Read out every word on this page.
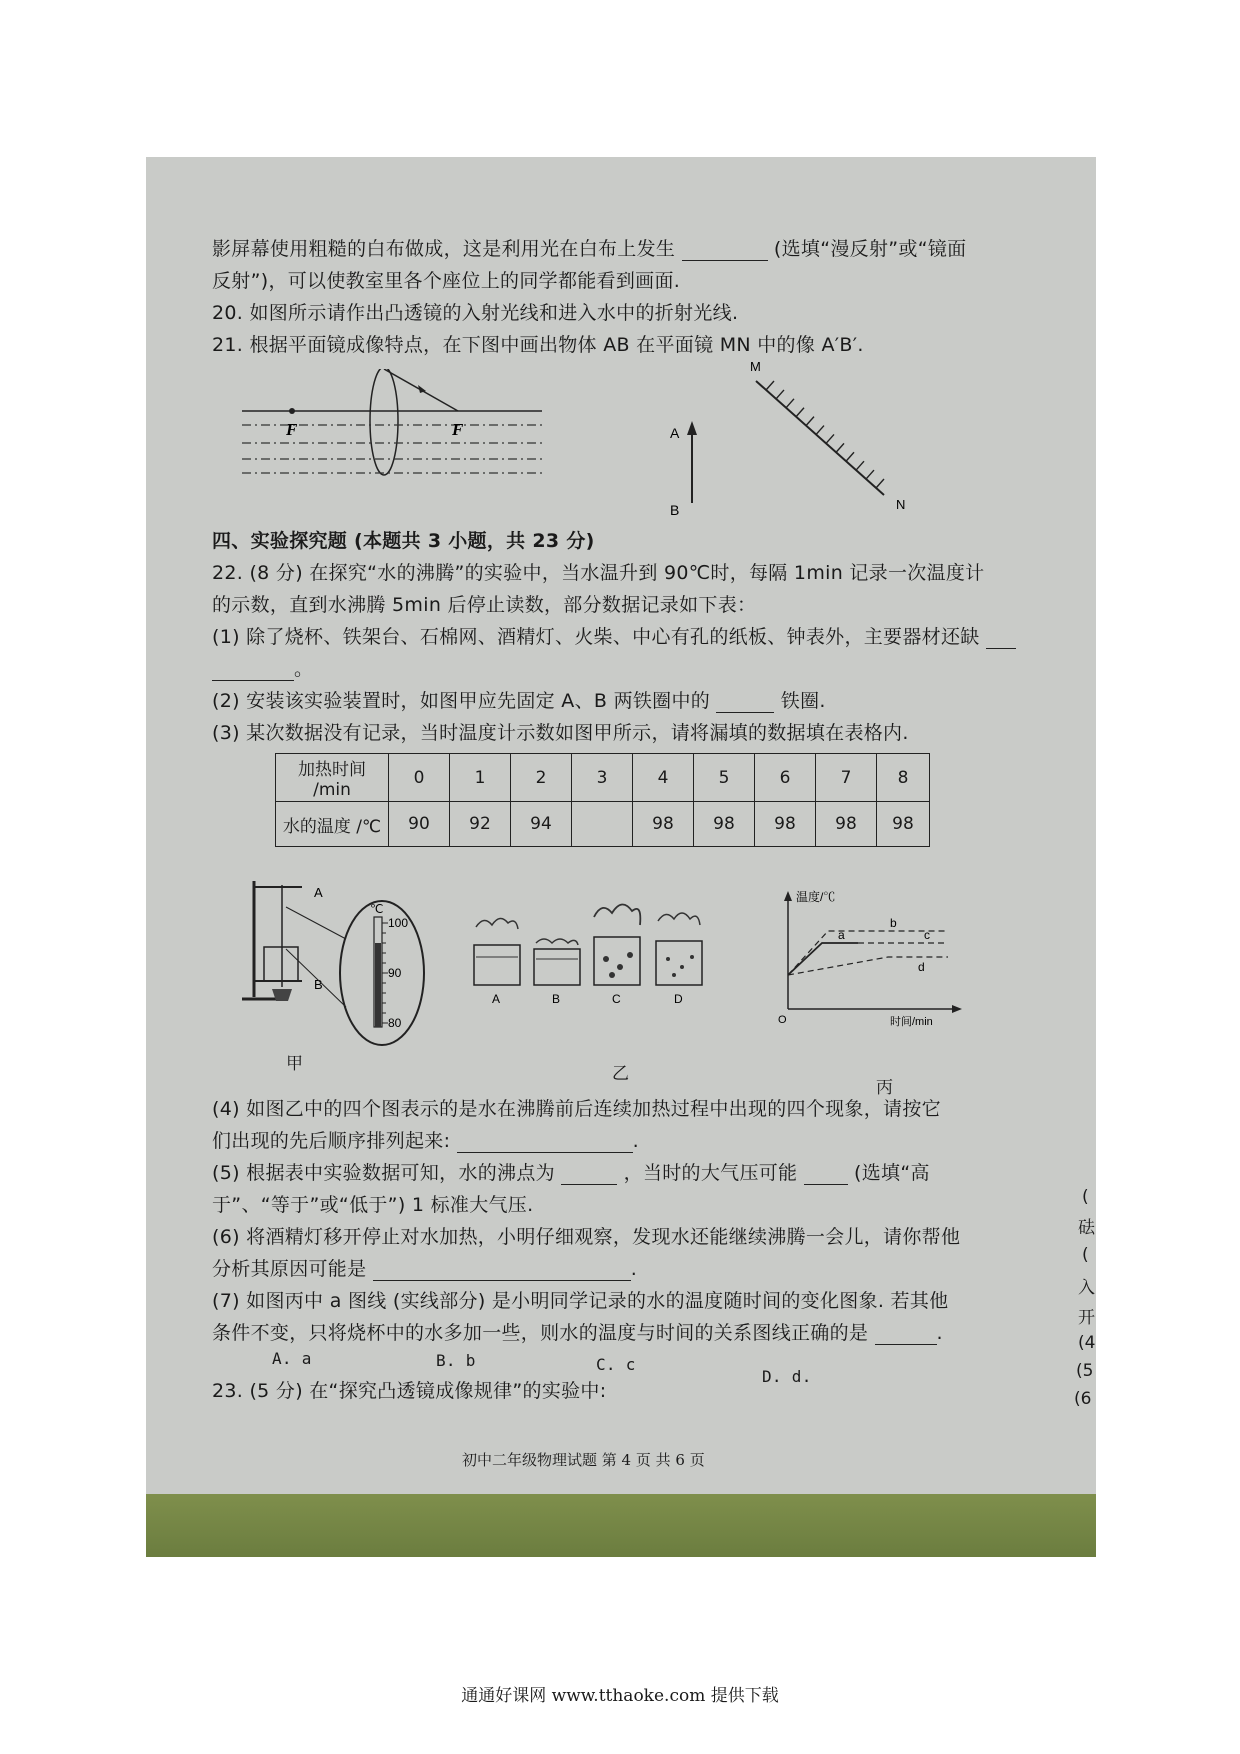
影屏幕使用粗糙的白布做成，这是利用光在白布上发生	(选填“漫反射”或“镜面
反射”)，可以使教室里各个座位上的同学都能看到画面.
20. 如图所示请作出凸透镜的入射光线和进入水中的折射光线.
21. 根据平面镜成像特点，在下图中画出物体 AB 在平面镜 MN 中的像 A′B′.
F	F	A
B
M
N
四、实验探究题 (本题共 3 小题，共 23 分)
22. (8 分) 在探究“水的沸腾”的实验中，当水温升到 90℃时，每隔 1min 记录一次温度计
的示数，直到水沸腾 5min 后停止读数，部分数据记录如下表：
(1) 除了烧杯、铁架台、石棉网、酒精灯、火柴、中心有孔的纸板、钟表外，主要器材还缺
。
(2) 安装该实验装置时，如图甲应先固定 A、B 两铁圈中的	铁圈.
(3) 某次数据没有记录，当时温度计示数如图甲所示，请将漏填的数据填在表格内.
加热时间 /min	0	1	2	3	4	5	6	7	8
水的温度 /℃	90	92	94		98	98	98	98	98
A
B
℃
100
90
80
甲
A	B	C	D
乙
温度/℃
时间/min
O
a
b
c
d
丙
(4) 如图乙中的四个图表示的是水在沸腾前后连续加热过程中出现的四个现象，请按它
们出现的先后顺序排列起来:	.
(5) 根据表中实验数据可知，水的沸点为	，当时的大气压可能	(选填“高
于”、“等于”或“低于”) 1 标准大气压.
(6) 将酒精灯移开停止对水加热，小明仔细观察，发现水还能继续沸腾一会儿，请你帮他
分析其原因可能是	.
(7) 如图丙中 a 图线 (实线部分) 是小明同学记录的水的温度随时间的变化图象. 若其他
条件不变，只将烧杯中的水多加一些，则水的温度与时间的关系图线正确的是	.
A. a	B. b	C. c
D. d.
23. (5 分) 在“探究凸透镜成像规律”的实验中:
初中二年级物理试题 第 4 页 共 6 页
(
砝
(
入
开
(4
(5
(6
通通好课网 www.tthaoke.com 提供下载
